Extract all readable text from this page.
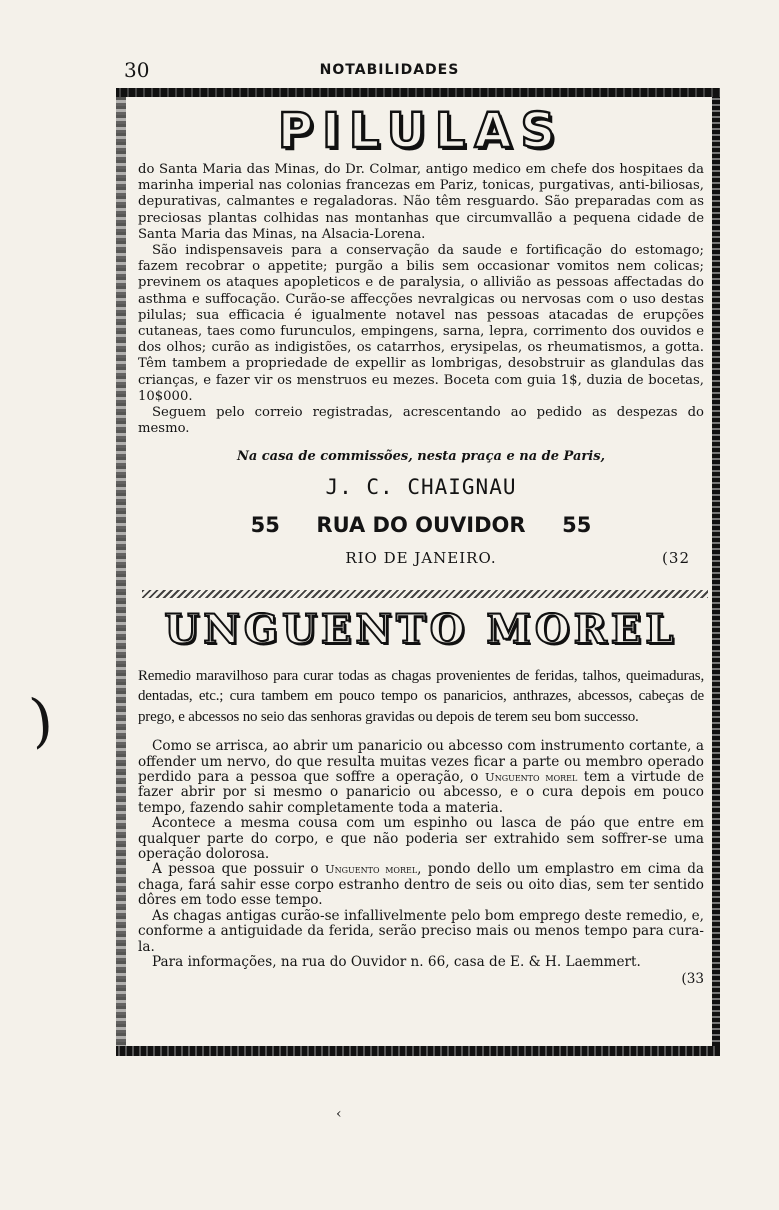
30	NOTABILIDADES
PILULAS

do Santa Maria das Minas, do Dr. Colmar, antigo medico em chefe dos hospitaes da marinha imperial nas colonias francezas em Pariz, tonicas, purgativas, anti-biliosas, depurativas, calmantes e regaladoras. Não têm resguardo. São preparadas com as preciosas plantas colhidas nas montanhas que circumvallão a pequena cidade de Santa Maria das Minas, na Alsacia-Lorena.

São indispensaveis para a conservação da saude e fortificação do estomago; fazem recobrar o appetite; purgão a bilis sem occasionar vomitos nem colicas; previnem os ataques apopleticos e de paralysia, o allivião as pessoas affectadas do asthma e suffocação. Curão-se affecções nevralgicas ou nervosas com o uso destas pilulas; sua efficacia é igualmente notavel nas pessoas atacadas de erupções cutaneas, taes como furunculos, empingens, sarna, lepra, corrimento dos ouvidos e dos olhos; curão as indigistões, os catarrhos, erysipelas, os rheumatismos, a gotta. Têm tambem a propriedade de expellir as lombrigas, desobstruir as glandulas das crianças, e fazer vir os menstruos eu mezes. Boceta com guia 1$, duzia de bocetas, 10$000.

Seguem pelo correio registradas, acrescentando ao pedido as despezas do mesmo.

Na casa de commissões, nesta praça e na de Paris,
J. C. CHAIGNAU
55 RUA DO OUVIDOR 55
RIO DE JANEIRO.	(32
UNGUENTO MOREL

Remedio maravilhoso para curar todas as chagas provenientes de feridas, talhos, queimaduras, dentadas, etc.; cura tambem em pouco tempo os panaricios, anthrazes, abcessos, cabeças de prego, e abcessos no seio das senhoras gravidas ou depois de terem seu bom successo.

Como se arrisca, ao abrir um panaricio ou abcesso com instrumento cortante, a offender um nervo, do que resulta muitas vezes ficar a parte ou membro operado perdido para a pessoa que soffre a operação, o Unguento morel tem a virtude de fazer abrir por si mesmo o panaricio ou abcesso, e o cura depois em pouco tempo, fazendo sahir completamente toda a materia.

Acontece a mesma cousa com um espinho ou lasca de páo que entre em qualquer parte do corpo, e que não poderia ser extrahido sem soffrer-se uma operação dolorosa.

A pessoa que possuir o Unguento morel, pondo dello um emplastro em cima da chaga, fará sahir esse corpo estranho dentro de seis ou oito dias, sem ter sentido dôres em todo esse tempo.

As chagas antigas curão-se infallivelmente pelo bom emprego deste remedio, e, conforme a antiguidade da ferida, serão preciso mais ou menos tempo para cura-la.

Para informações, na rua do Ouvidor n. 66, casa de E. & H. Laemmert.

(33
)
‹
